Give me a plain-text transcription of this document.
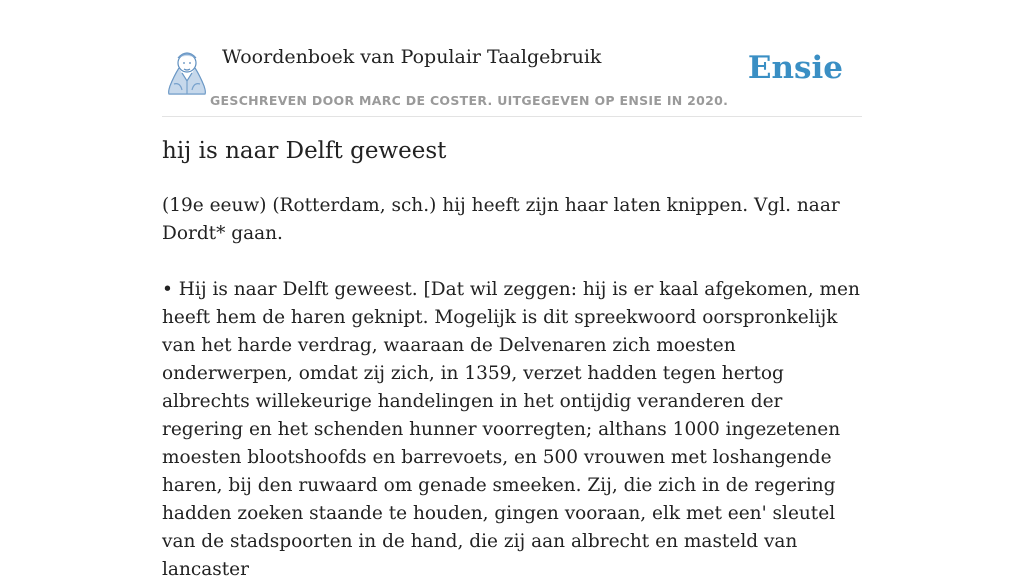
Woordenboek van Populair Taalgebruik
GESCHREVEN DOOR MARC DE COSTER. UITGEGEVEN OP ENSIE IN 2020.
Ensie
hij is naar Delft geweest

(19e eeuw) (Rotterdam, sch.) hij heeft zijn haar laten knippen. Vgl. naar Dordt* gaan.

• Hij is naar Delft geweest. [Dat wil zeggen: hij is er kaal afgekomen, men heeft hem de haren geknipt. Mogelijk is dit spreekwoord oorspronkelijk van het harde verdrag, waaraan de Delvenaren zich moesten onderwerpen, omdat zij zich, in 1359, verzet hadden tegen hertog albrechts willekeurige handelingen in het ontijdig veranderen der regering en het schenden hunner voorregten; althans 1000 ingezetenen moesten blootshoofds en barrevoets, en 500 vrouwen met loshangende haren, bij den ruwaard om genade smeeken. Zij, die zich in de regering hadden zoeken staande te houden, gingen vooraan, elk met een' sleutel van de stadspoorten in de hand, die zij aan albrecht en masteld van lancaster
